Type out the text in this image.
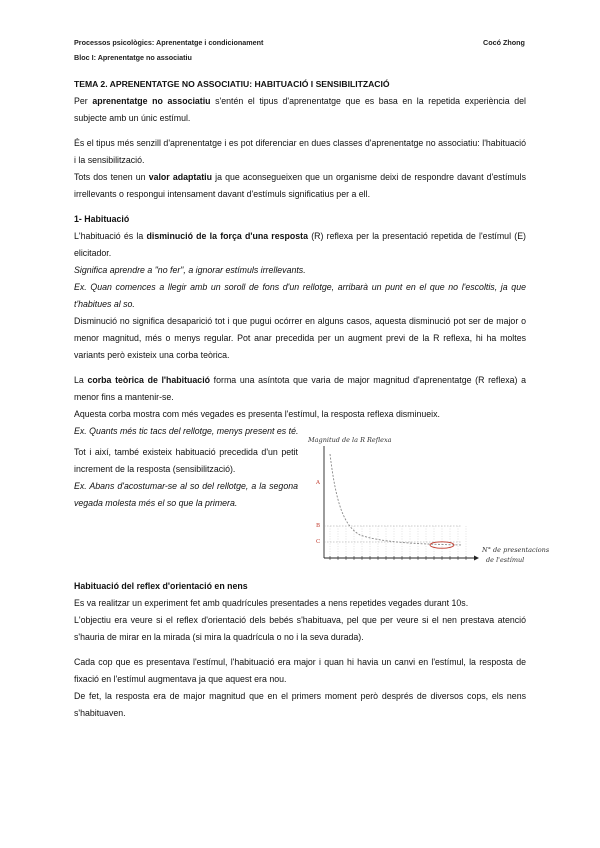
Processos psicològics: Aprenentatge i condicionament
Bloc I: Aprenentatge no associatiu
Cocó Zhong

TEMA 2. APRENENTATGE NO ASSOCIATIU: HABITUACIÓ I SENSIBILITZACIÓ

Per aprenentatge no associatiu s'entén el tipus d'aprenentatge que es basa en la repetida experiència del subjecte amb un únic estímul.

És el tipus més senzill d'aprenentatge i es pot diferenciar en dues classes d'aprenentatge no associatiu: l'habituació i la sensibilització.

Tots dos tenen un valor adaptatiu ja que aconsegueixen que un organisme deixi de respondre davant d'estímuls irrellevants o respongui intensament davant d'estímuls significatius per a ell.

1- Habituació

L'habituació és la disminució de la força d'una resposta (R) reflexa per la presentació repetida de l'estímul (E) elicitador.

Significa aprendre a "no fer", a ignorar estímuls irrellevants.

Ex. Quan comences a llegir amb un soroll de fons d'un rellotge, arribarà un punt en el que no l'escoltis, ja que t'habitues al so.

Disminució no significa desaparició tot i que pugui ocórrer en alguns casos, aquesta disminució pot ser de major o menor magnitud, més o menys regular. Pot anar precedida per un augment previ de la R reflexa, hi ha moltes variants però existeix una corba teòrica.

La corba teòrica de l'habituació forma una asíntota que varia de major magnitud d'aprenentatge (R reflexa) a menor fins a mantenir-se.

Aquesta corba mostra com més vegades es presenta l'estímul, la resposta reflexa disminueix.

Ex. Quants més tic tacs del rellotge, menys present es té.

Tot i així, també existeix habituació precedida d'un petit increment de la resposta (sensibilització).

Ex. Abans d'acostumar-se al so del rellotge, a la segona vegada molesta més el so que la primera.

Magnitud de la R Reflexa
A
B
C
N° de presentacions
de l'estímul

Habituació del reflex d'orientació en nens

Es va realitzar un experiment fet amb quadrícules presentades a nens repetides vegades durant 10s.

L'objectiu era veure si el reflex d'orientació dels bebés s'habituava, pel que per veure si el nen prestava atenció s'hauria de mirar en la mirada (si mira la quadrícula o no i la seva durada).

Cada cop que es presentava l'estímul, l'habituació era major i quan hi havia un canvi en l'estímul, la resposta de fixació en l'estímul augmentava ja que aquest era nou.

De fet, la resposta era de major magnitud que en el primers moment però després de diversos cops, els nens s'habituaven.
